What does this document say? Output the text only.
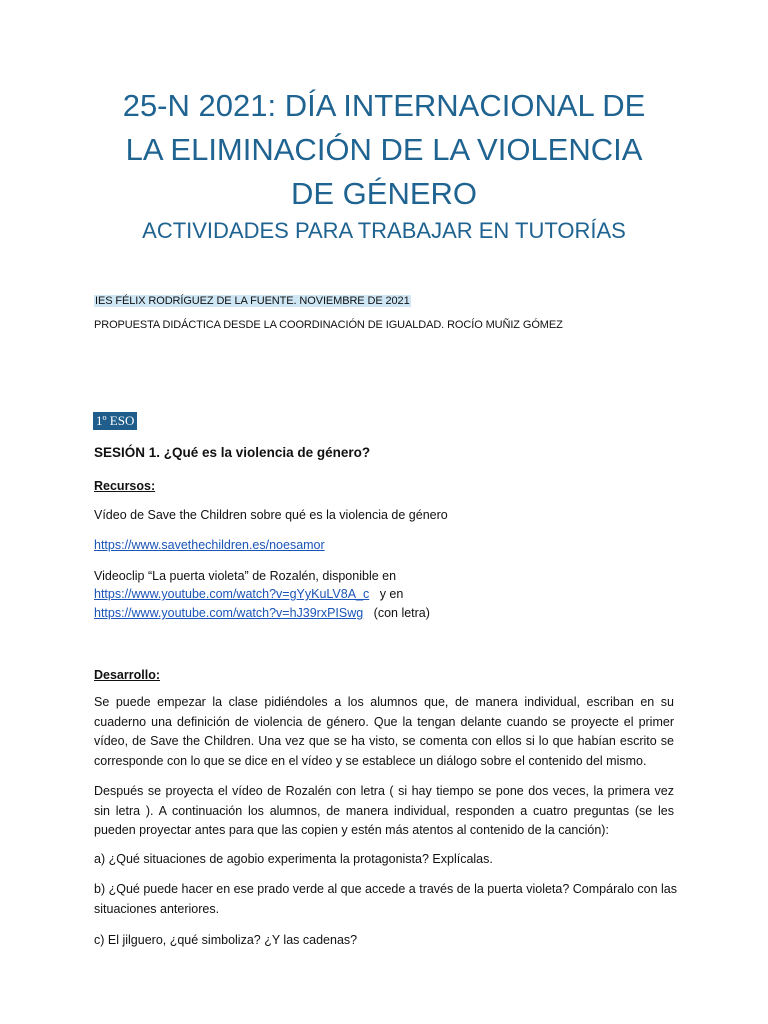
25-N 2021: DÍA INTERNACIONAL DE
LA ELIMINACIÓN DE LA VIOLENCIA
DE GÉNERO
ACTIVIDADES PARA TRABAJAR EN TUTORÍAS

IES FÉLIX RODRÍGUEZ DE LA FUENTE. NOVIEMBRE DE 2021

PROPUESTA DIDÁCTICA DESDE LA COORDINACIÓN DE IGUALDAD. ROCÍO MUÑIZ GÓMEZ

1º ESO

SESIÓN 1. ¿Qué es la violencia de género?

Recursos:

Vídeo de Save the Children sobre qué es la violencia de género

https://www.savethechildren.es/noesamor

Videoclip “La puerta violeta” de Rozalén, disponible en

https://www.youtube.com/watch?v=gYyKuLV8A_c y en

https://www.youtube.com/watch?v=hJ39rxPISwg (con letra)

Desarrollo:

Se puede empezar la clase pidiéndoles a los alumnos que, de manera individual, escriban en su cuaderno una definición de violencia de género. Que la tengan delante cuando se proyecte el primer vídeo, de Save the Children. Una vez que se ha visto, se comenta con ellos si lo que habían escrito se corresponde con lo que se dice en el vídeo y se establece un diálogo sobre el contenido del mismo.

Después se proyecta el vídeo de Rozalén con letra ( si hay tiempo se pone dos veces, la primera vez sin letra ). A continuación los alumnos, de manera individual, responden a cuatro preguntas (se les pueden proyectar antes para que las copien y estén más atentos al contenido de la canción):

a) ¿Qué situaciones de agobio experimenta la protagonista? Explícalas.

b) ¿Qué puede hacer en ese prado verde al que accede a través de la puerta violeta? Compáralo con las situaciones anteriores.

c) El jilguero, ¿qué simboliza? ¿Y las cadenas?
